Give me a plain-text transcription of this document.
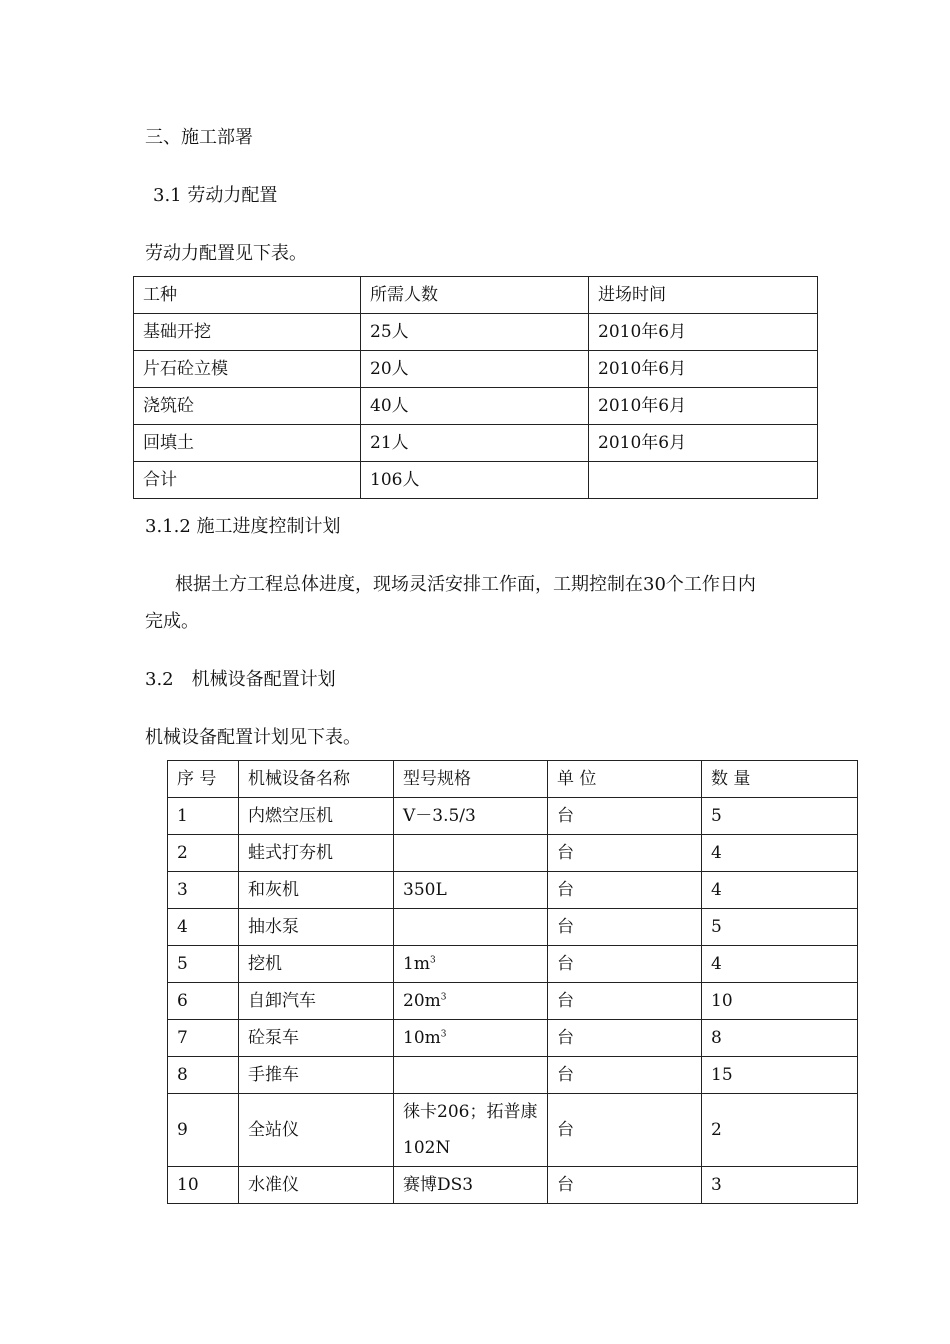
三、施工部署
3.1 劳动力配置
劳动力配置见下表。
工种	所需人数	进场时间
基础开挖	25人	2010年6月
片石砼立模	20人	2010年6月
浇筑砼	40人	2010年6月
回填土	21人	2010年6月
合计	106人	
3.1.2 施工进度控制计划
根据土方工程总体进度，现场灵活安排工作面，工期控制在30个工作日内
完成。
3.2　机械设备配置计划
机械设备配置计划见下表。
序 号	机械设备名称	型号规格	单 位	数 量
1	内燃空压机	V－3.5/3	台	5
2	蛙式打夯机		台	4
3	和灰机	350L	台	4
4	抽水泵		台	5
5	挖机	$1m^3$	台	4
6	自卸汽车	$20m^3$	台	10
7	砼泵车	$10m^3$	台	8
8	手推车		台	15
9	全站仪	徕卡206；拓普康102N	台	2
10	水准仪	赛博DS3	台	3
